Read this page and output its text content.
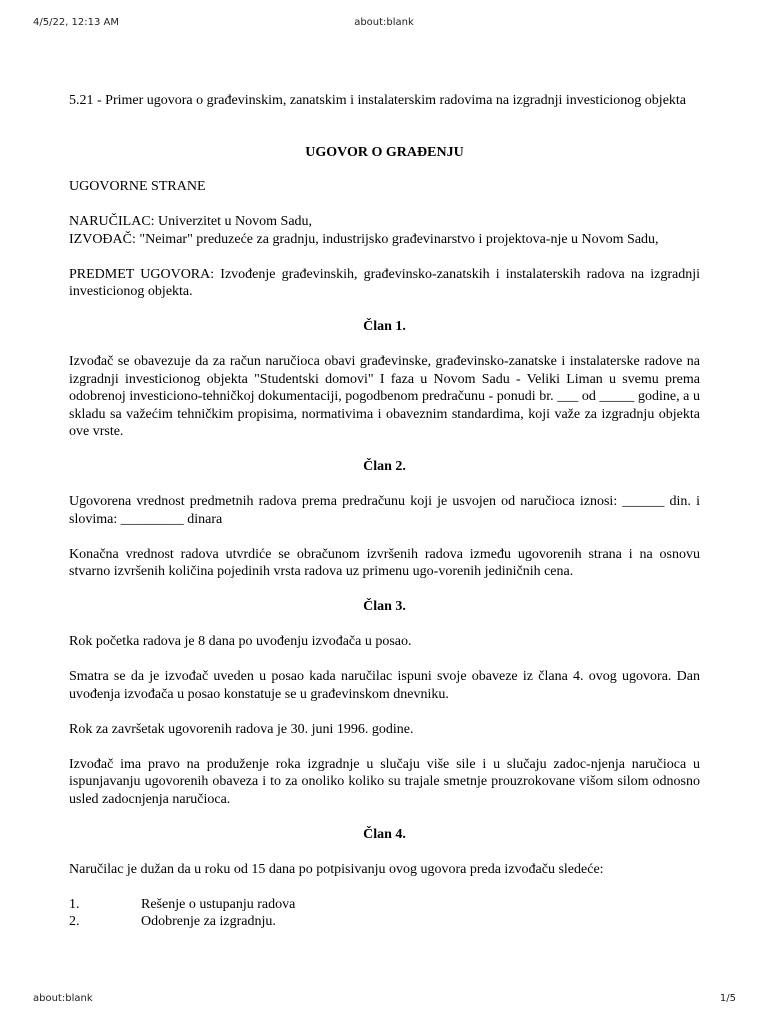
4/5/22, 12:13 AM	about:blank

5.21 - Primer ugovora o građevinskim, zanatskim i instalaterskim radovima na izgradnji investicionog objekta

UGOVOR O GRAĐENJU

UGOVORNE STRANE

NARUČILAC: Univerzitet u Novom Sadu,

IZVOĐAČ: "Neimar" preduzeće za gradnju, industrijsko građevinarstvo i projektova-nje u Novom Sadu,

PREDMET UGOVORA: Izvođenje građevinskih, građevinsko-zanatskih i instalaterskih radova na izgradnji investicionog objekta.

Član 1.

Izvođač se obavezuje da za račun naručioca obavi građevinske, građevinsko-zanatske i instalaterske radove na izgradnji investicionog objekta "Studentski domovi" I faza u Novom Sadu - Veliki Liman u svemu prema odobrenoj investiciono-tehničkoj dokumentaciji, pogodbenom predračunu - ponudi br. ___ od _____ godine, a u skladu sa važećim tehničkim propisima, normativima i obaveznim standardima, koji važe za izgradnju objekta ove vrste.

Član 2.

Ugovorena vrednost predmetnih radova prema predračunu koji je usvojen od naručioca iznosi: ______ din. i slovima: _________ dinara

Konačna vrednost radova utvrdiće se obračunom izvršenih radova između ugovorenih strana i na osnovu stvarno izvršenih količina pojedinih vrsta radova uz primenu ugo-vorenih jediničnih cena.

Član 3.

Rok početka radova je 8 dana po uvođenju izvođača u posao.

Smatra se da je izvođač uveden u posao kada naručilac ispuni svoje obaveze iz člana 4. ovog ugovora. Dan uvođenja izvođača u posao konstatuje se u građevinskom dnevniku.

Rok za završetak ugovorenih radova je 30. juni 1996. godine.

Izvođač ima pravo na produženje roka izgradnje u slučaju više sile i u slučaju zadoc-njenja naručioca u ispunjavanju ugovorenih obaveza i to za onoliko koliko su trajale smetnje prouzrokovane višom silom odnosno usled zadocnjenja naručioca.

Član 4.

Naručilac je dužan da u roku od 15 dana po potpisivanju ovog ugovora preda izvođaču sledeće:

1.	Rešenje o ustupanju radova
2.	Odobrenje za izgradnju.
about:blank	1/5
